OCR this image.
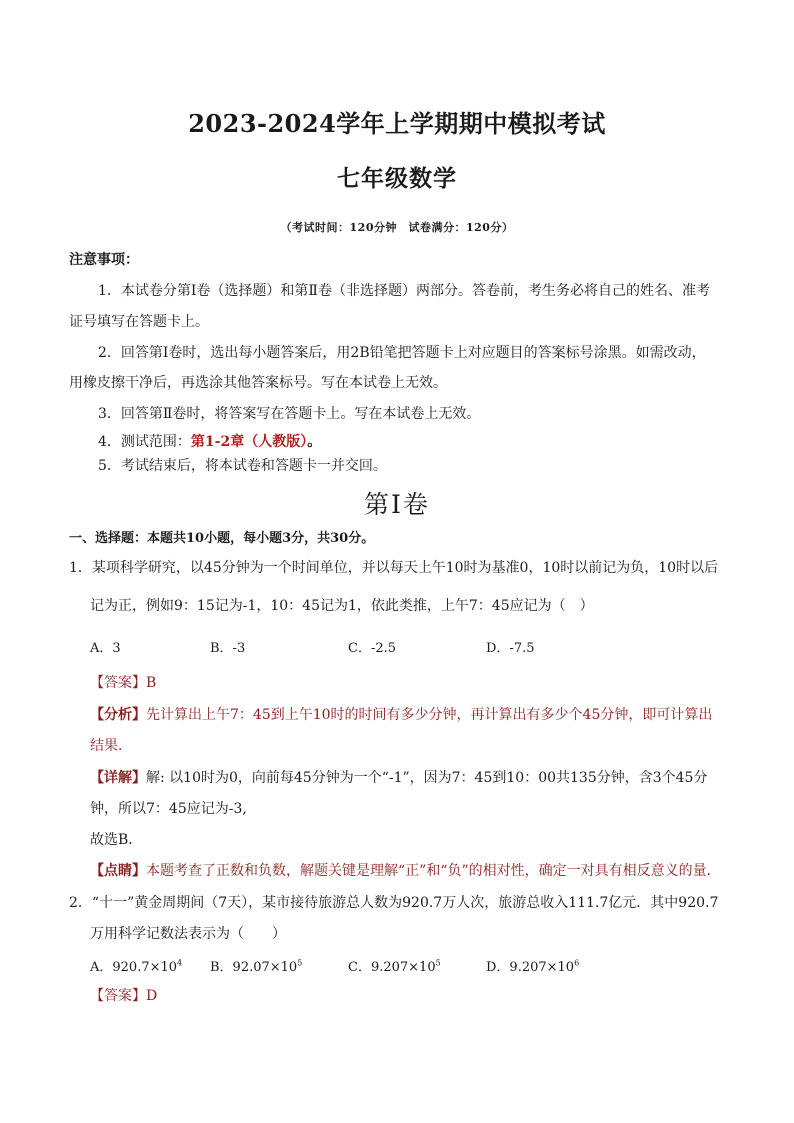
2023-2024学年上学期期中模拟考试
七年级数学
（考试时间：120分钟　试卷满分：120分）
注意事项：
1．本试卷分第Ⅰ卷（选择题）和第Ⅱ卷（非选择题）两部分。答卷前，考生务必将自己的姓名、准考
证号填写在答题卡上。
2．回答第Ⅰ卷时，选出每小题答案后，用2B铅笔把答题卡上对应题目的答案标号涂黑。如需改动，
用橡皮擦干净后，再选涂其他答案标号。写在本试卷上无效。
3．回答第Ⅱ卷时，将答案写在答题卡上。写在本试卷上无效。
4．测试范围：第1-2章（人教版）。
5．考试结束后，将本试卷和答题卡一并交回。
第Ⅰ卷
一、选择题：本题共10小题，每小题3分，共30分。
1．某项科学研究，以45分钟为一个时间单位，并以每天上午10时为基准0，10时以前记为负，10时以后
记为正，例如9：15记为-1，10：45记为1，依此类推，上午7：45应记为（　）
A．3	B．-3	C．-2.5	D．-7.5
【答案】B
【分析】先计算出上午7：45到上午10时的时间有多少分钟，再计算出有多少个45分钟，即可计算出
结果．
【详解】解: 以10时为0，向前每45分钟为一个“-1”，因为7：45到10：00共135分钟，含3个45分
钟，所以7：45应记为-3,
故选B．
【点睛】本题考查了正数和负数，解题关键是理解“正”和“负”的相对性，确定一对具有相反意义的量．
2．“十一”黄金周期间（7天），某市接待旅游总人数为920.7万人次，旅游总收入111.7亿元．其中920.7
万用科学记数法表示为（　　）
A．$920.7\times 10^4$ B．$92.07\times 10^5$	C．$9.207\times 10^5$	D．$9.207\times 10^6$
【答案】D
